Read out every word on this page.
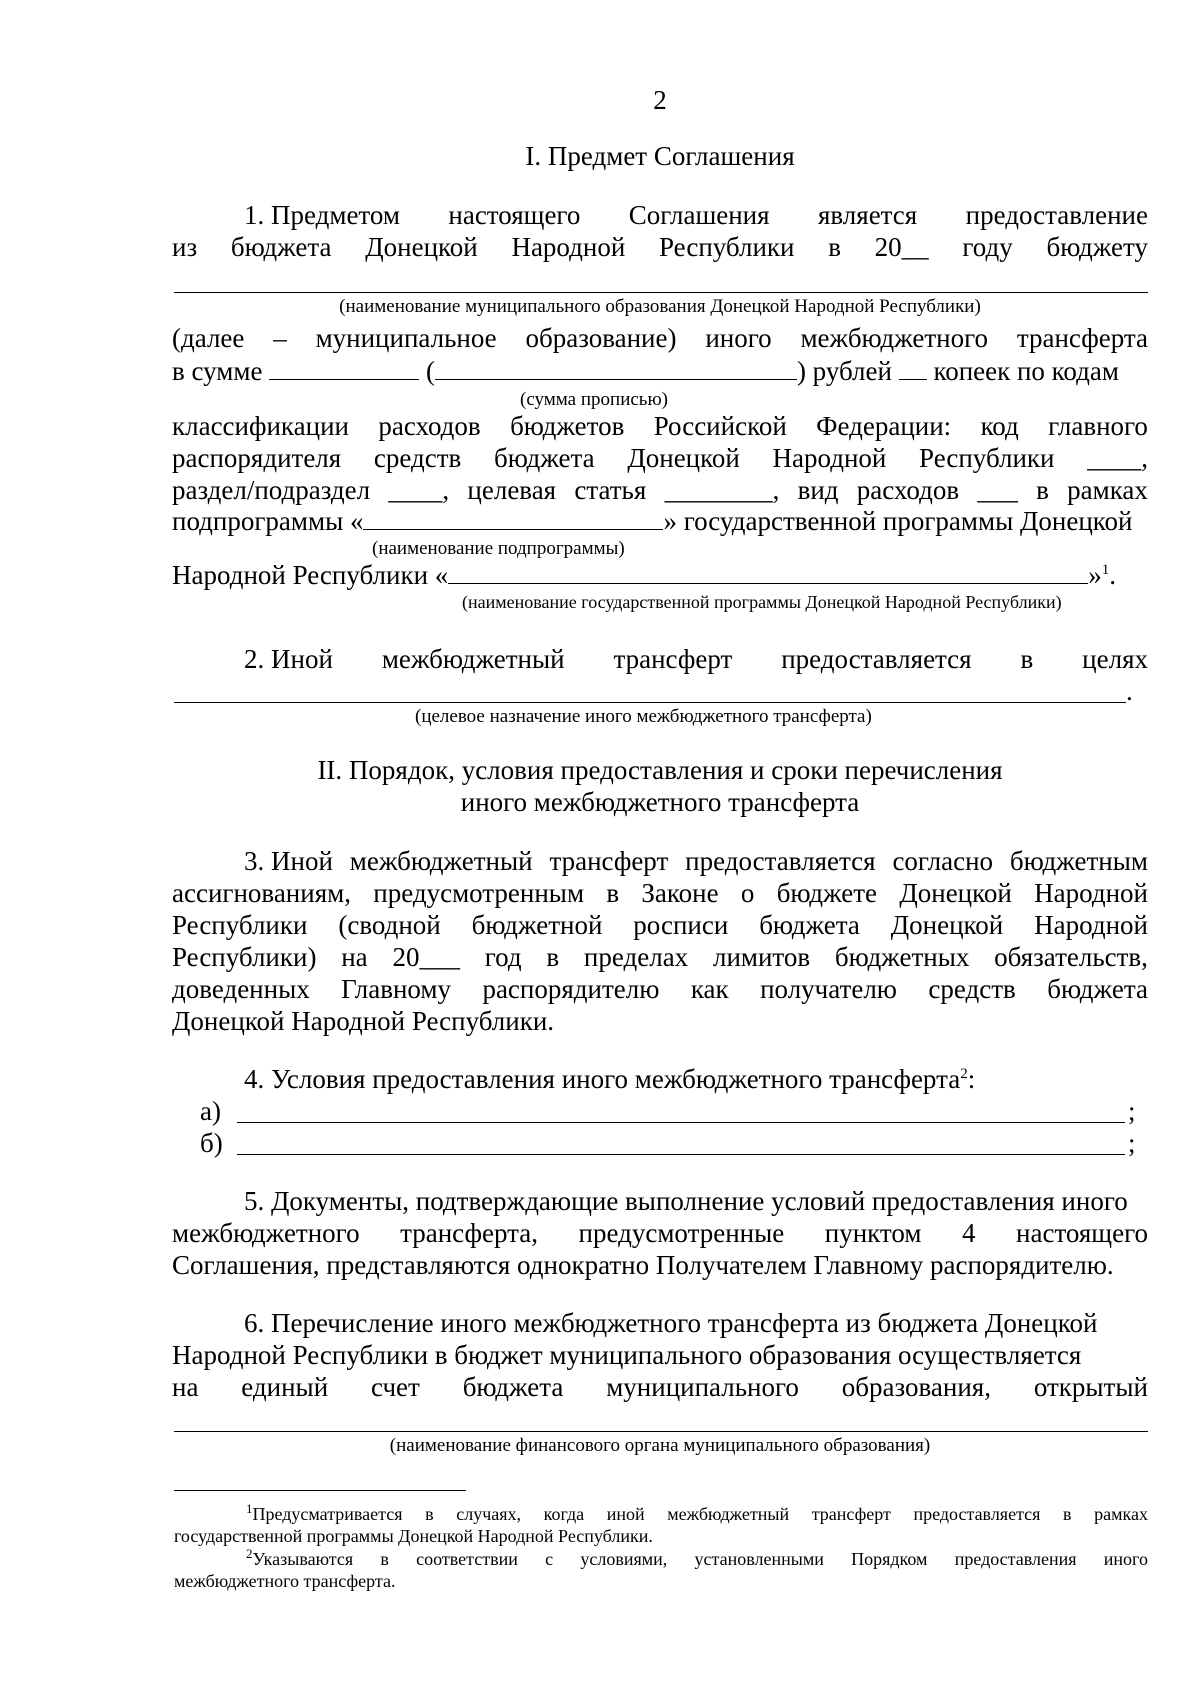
2
I. Предмет Соглашения
1. Предметом настоящего Соглашения является предоставление
из бюджета Донецкой Народной Республики в 20__ году бюджету
(наименование муниципального образования Донецкой Народной Республики)
(далее – муниципальное образование) иного межбюджетного трансферта
в сумме	(	) рублей копеек по кодам
(сумма прописью)
классификации расходов бюджетов Российской Федерации: код главного
распорядителя средств бюджета Донецкой Народной Республики ____,
раздел/подраздел ____, целевая статья ________, вид расходов ___ в рамках
подпрограммы «	» государственной программы Донецкой
(наименование подпрограммы)
Народной Республики «	»$^1$.
(наименование государственной программы Донецкой Народной Республики)
2. Иной межбюджетный трансферт предоставляется в целях
.
(целевое назначение иного межбюджетного трансферта)
II. Порядок, условия предоставления и сроки перечисления
иного межбюджетного трансферта
3. Иной межбюджетный трансферт предоставляется согласно бюджетным
ассигнованиям, предусмотренным в Законе о бюджете Донецкой Народной
Республики (сводной бюджетной росписи бюджета Донецкой Народной
Республики) на 20___ год в пределах лимитов бюджетных обязательств,
доведенных Главному распорядителю как получателю средств бюджета
Донецкой Народной Республики.
4. Условия предоставления иного межбюджетного трансферта$^2$:
а)	;
б)	;
5. Документы, подтверждающие выполнение условий предоставления иного
межбюджетного трансферта, предусмотренные пунктом 4 настоящего
Соглашения, представляются однократно Получателем Главному распорядителю.
6. Перечисление иного межбюджетного трансферта из бюджета Донецкой
Народной Республики в бюджет муниципального образования осуществляется
на единый счет бюджета муниципального образования, открытый
(наименование финансового органа муниципального образования)
$^1$Предусматривается в случаях, когда иной межбюджетный трансферт предоставляется в рамках
государственной программы Донецкой Народной Республики.
$^2$Указываются в соответствии с условиями, установленными Порядком предоставления иного
межбюджетного трансферта.
